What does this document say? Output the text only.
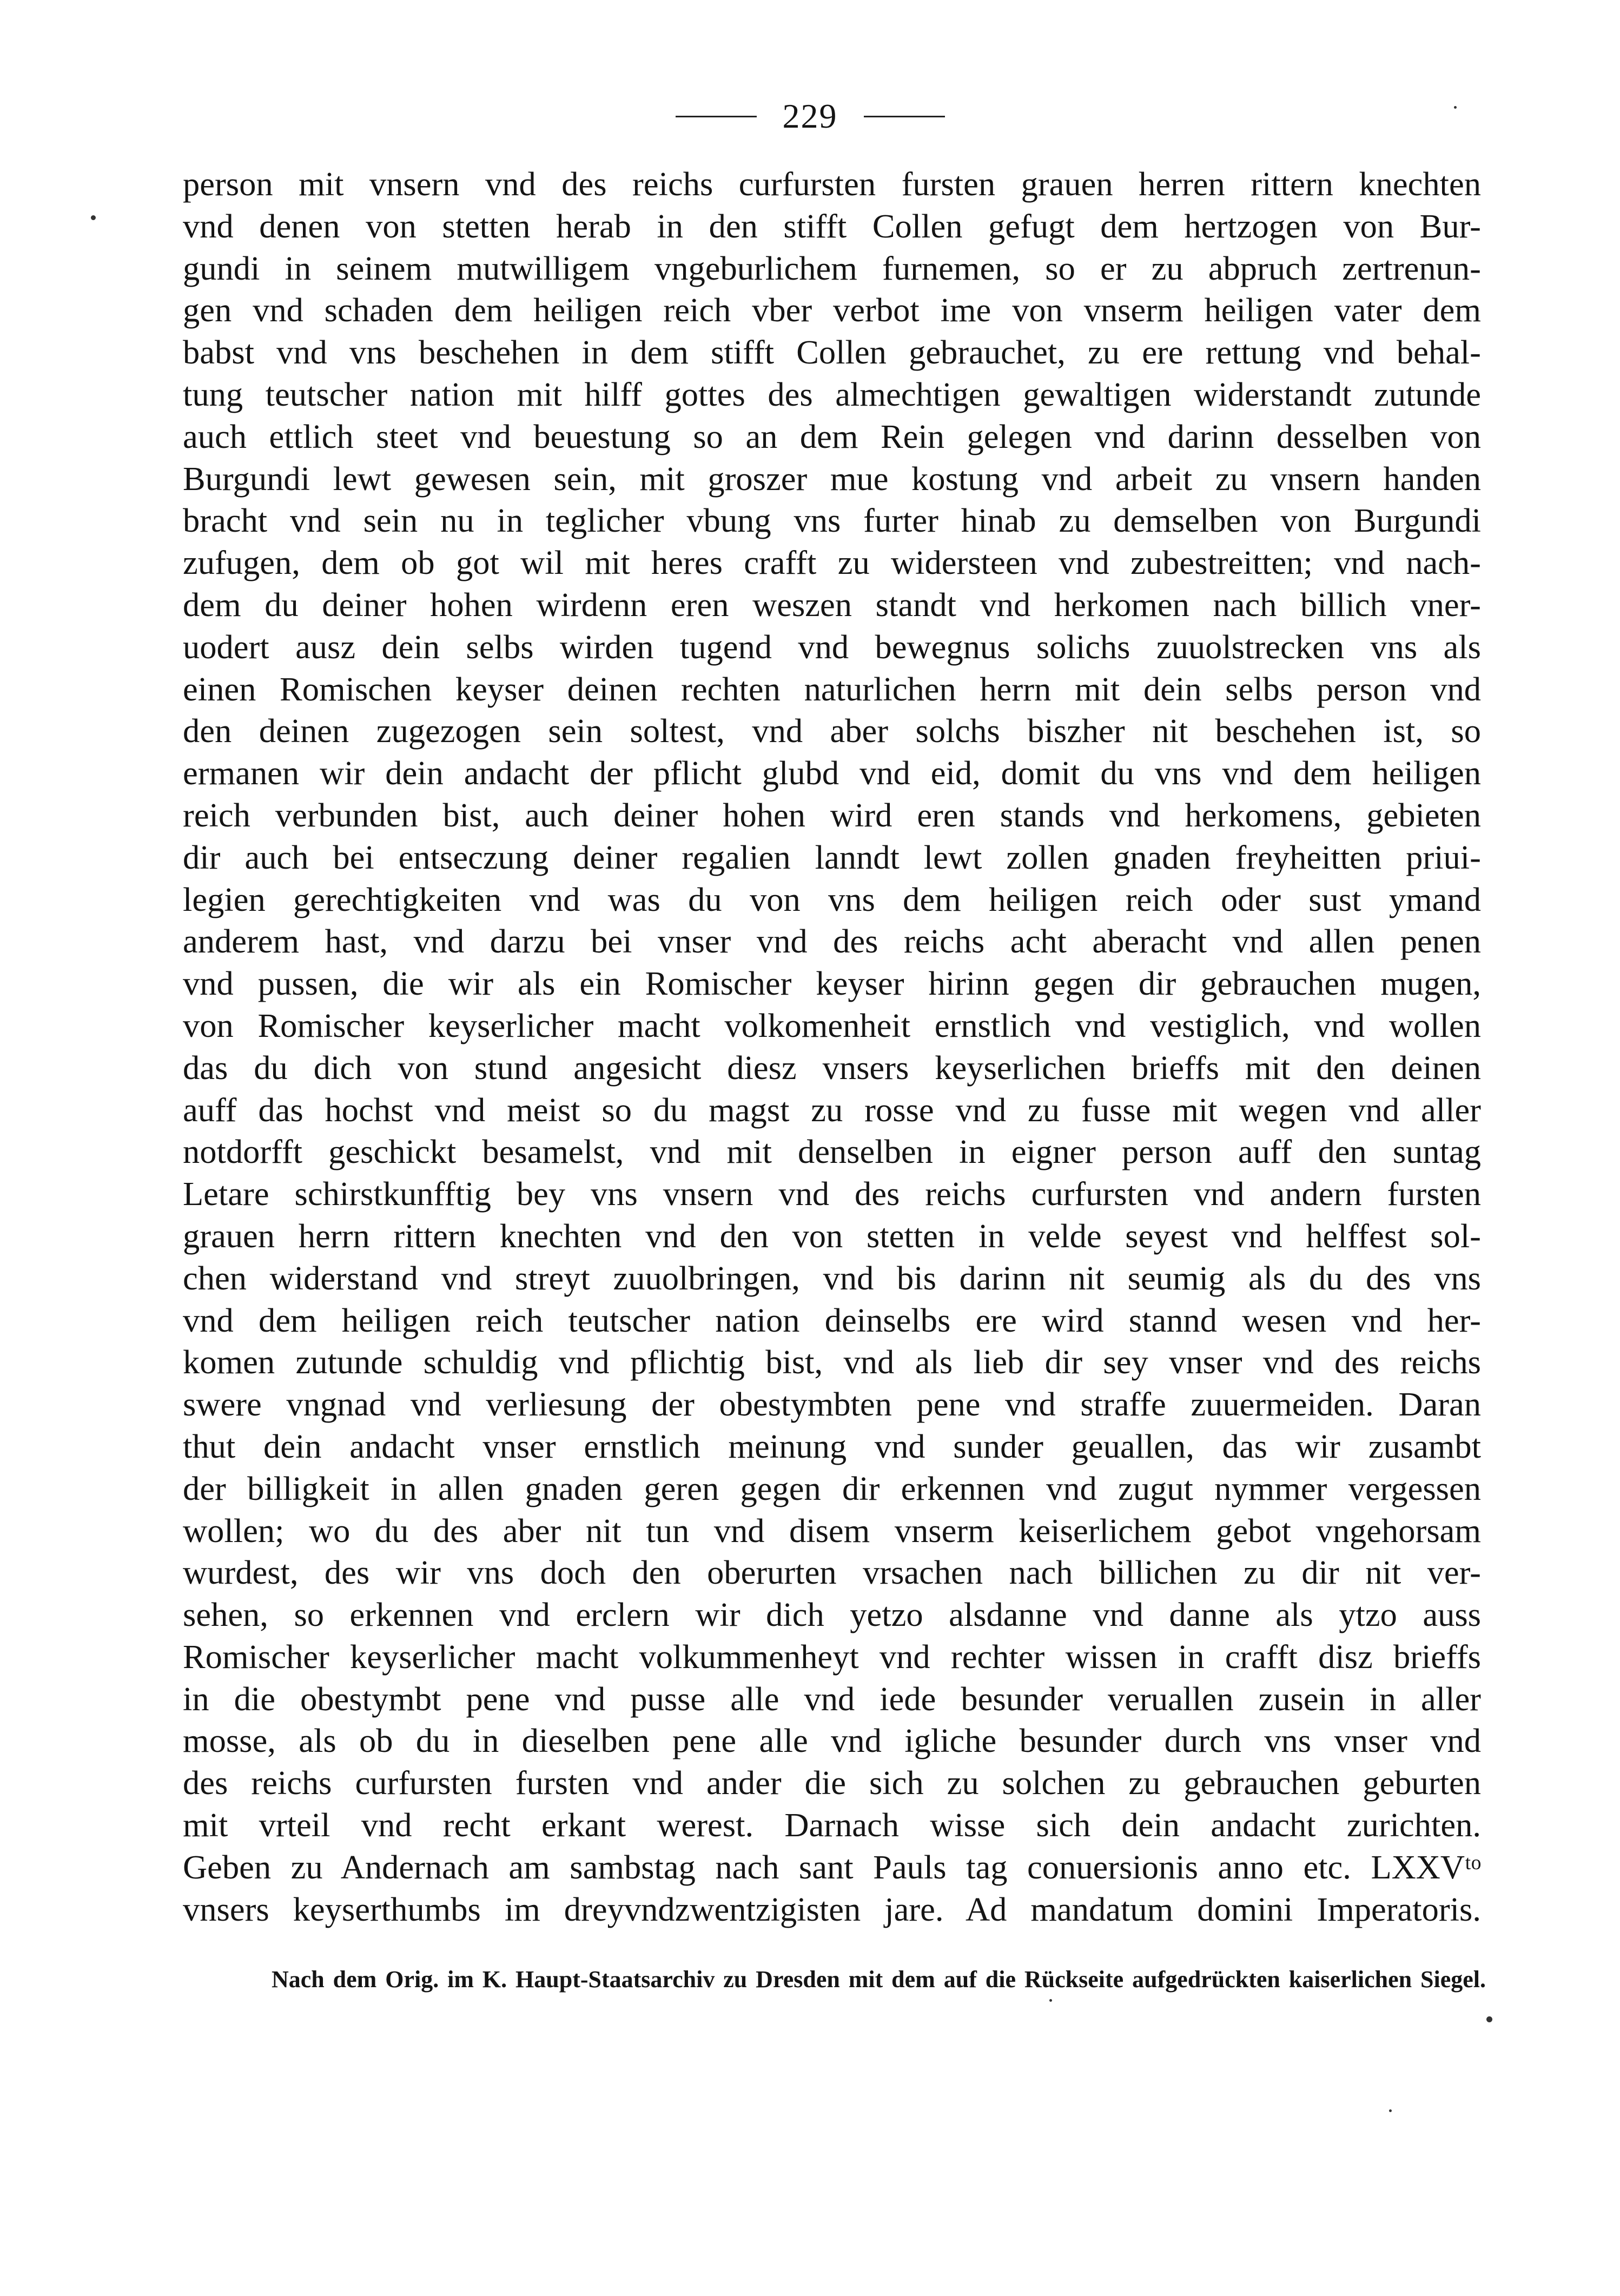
229
person mit vnsern vnd des reichs curfursten fursten grauen herren rittern knechten
vnd denen von stetten herab in den stifft Collen gefugt dem hertzogen von Bur-
gundi in seinem mutwilligem vngeburlichem furnemen, so er zu abpruch zertrenun-
gen vnd schaden dem heiligen reich vber verbot ime von vnserm heiligen vater dem
babst vnd vns beschehen in dem stifft Collen gebrauchet, zu ere rettung vnd behal-
tung teutscher nation mit hilff gottes des almechtigen gewaltigen widerstandt zutunde
auch ettlich steet vnd beuestung so an dem Rein gelegen vnd darinn desselben von
Burgundi lewt gewesen sein, mit groszer mue kostung vnd arbeit zu vnsern handen
bracht vnd sein nu in teglicher vbung vns furter hinab zu demselben von Burgundi
zufugen, dem ob got wil mit heres crafft zu widersteen vnd zubestreitten; vnd nach-
dem du deiner hohen wirdenn eren weszen standt vnd herkomen nach billich vner-
uodert ausz dein selbs wirden tugend vnd bewegnus solichs zuuolstrecken vns als
einen Romischen keyser deinen rechten naturlichen herrn mit dein selbs person vnd
den deinen zugezogen sein soltest, vnd aber solchs biszher nit beschehen ist, so
ermanen wir dein andacht der pflicht glubd vnd eid, domit du vns vnd dem heiligen
reich verbunden bist, auch deiner hohen wird eren stands vnd herkomens, gebieten
dir auch bei entseczung deiner regalien lanndt lewt zollen gnaden freyheitten priui-
legien gerechtigkeiten vnd was du von vns dem heiligen reich oder sust ymand
anderem hast, vnd darzu bei vnser vnd des reichs acht aberacht vnd allen penen
vnd pussen, die wir als ein Romischer keyser hirinn gegen dir gebrauchen mugen,
von Romischer keyserlicher macht volkomenheit ernstlich vnd vestiglich, vnd wollen
das du dich von stund angesicht diesz vnsers keyserlichen brieffs mit den deinen
auff das hochst vnd meist so du magst zu rosse vnd zu fusse mit wegen vnd aller
notdorfft geschickt besamelst, vnd mit denselben in eigner person auff den suntag
Letare schirstkunfftig bey vns vnsern vnd des reichs curfursten vnd andern fursten
grauen herrn rittern knechten vnd den von stetten in velde seyest vnd helffest sol-
chen widerstand vnd streyt zuuolbringen, vnd bis darinn nit seumig als du des vns
vnd dem heiligen reich teutscher nation deinselbs ere wird stannd wesen vnd her-
komen zutunde schuldig vnd pflichtig bist, vnd als lieb dir sey vnser vnd des reichs
swere vngnad vnd verliesung der obestymbten pene vnd straffe zuuermeiden. Daran
thut dein andacht vnser ernstlich meinung vnd sunder geuallen, das wir zusambt
der billigkeit in allen gnaden geren gegen dir erkennen vnd zugut nymmer vergessen
wollen; wo du des aber nit tun vnd disem vnserm keiserlichem gebot vngehorsam
wurdest, des wir vns doch den oberurten vrsachen nach billichen zu dir nit ver-
sehen, so erkennen vnd erclern wir dich yetzo alsdanne vnd danne als ytzo auss
Romischer keyserlicher macht volkummenheyt vnd rechter wissen in crafft disz brieffs
in die obestymbt pene vnd pusse alle vnd iede besunder veruallen zusein in aller
mosse, als ob du in dieselben pene alle vnd igliche besunder durch vns vnser vnd
des reichs curfursten fursten vnd ander die sich zu solchen zu gebrauchen geburten
mit vrteil vnd recht erkant werest. Darnach wisse sich dein andacht zurichten.
Geben zu Andernach am sambstag nach sant Pauls tag conuersionis anno etc. LXXVᵗᵒ
vnsers keyserthumbs im dreyvndzwentzigisten jare. Ad mandatum domini Imperatoris.
Nach dem Orig. im K. Haupt-Staatsarchiv zu Dresden mit dem auf die Rückseite aufgedrückten kaiserlichen Siegel.
